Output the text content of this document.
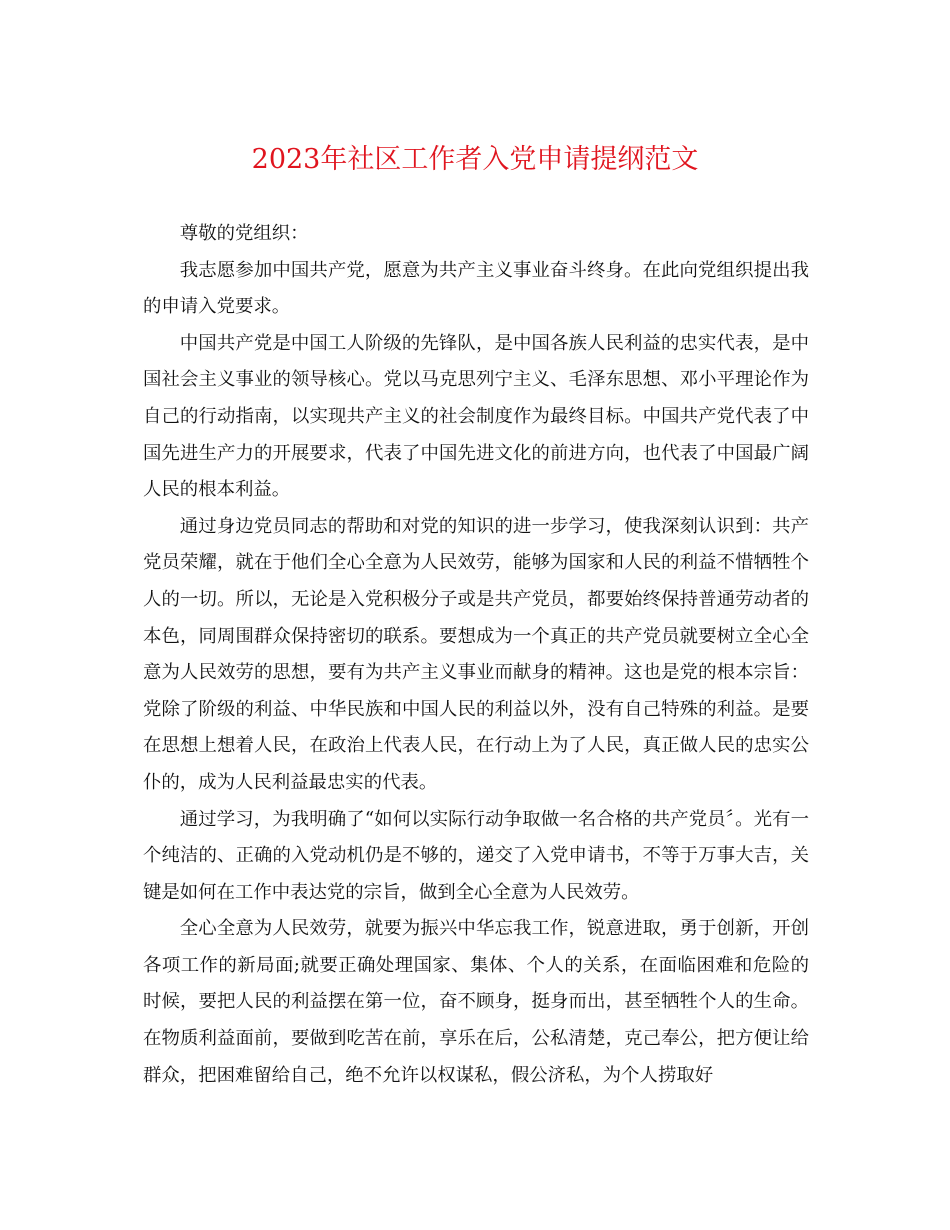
2023年社区工作者入党申请提纲范文

尊敬的党组织：

我志愿参加中国共产党，愿意为共产主义事业奋斗终身。在此向党组织提出我的申请入党要求。

中国共产党是中国工人阶级的先锋队，是中国各族人民利益的忠实代表，是中国社会主义事业的领导核心。党以马克思列宁主义、毛泽东思想、邓小平理论作为自己的行动指南，以实现共产主义的社会制度作为最终目标。中国共产党代表了中国先进生产力的开展要求，代表了中国先进文化的前进方向，也代表了中国最广阔人民的根本利益。

通过身边党员同志的帮助和对党的知识的进一步学习，使我深刻认识到：共产党员荣耀，就在于他们全心全意为人民效劳，能够为国家和人民的利益不惜牺牲个人的一切。所以，无论是入党积极分子或是共产党员，都要始终保持普通劳动者的本色，同周围群众保持密切的联系。要想成为一个真正的共产党员就要树立全心全意为人民效劳的思想，要有为共产主义事业而献身的精神。这也是党的根本宗旨：党除了阶级的利益、中华民族和中国人民的利益以外，没有自己特殊的利益。是要在思想上想着人民，在政治上代表人民，在行动上为了人民，真正做人民的忠实公仆的，成为人民利益最忠实的代表。

通过学习，为我明确了“如何以实际行动争取做一名合格的共产党员〞。光有一个纯洁的、正确的入党动机仍是不够的，递交了入党申请书，不等于万事大吉，关键是如何在工作中表达党的宗旨，做到全心全意为人民效劳。

全心全意为人民效劳，就要为振兴中华忘我工作，锐意进取，勇于创新，开创各项工作的新局面;就要正确处理国家、集体、个人的关系，在面临困难和危险的时候，要把人民的利益摆在第一位，奋不顾身，挺身而出，甚至牺牲个人的生命。在物质利益面前，要做到吃苦在前，享乐在后，公私清楚，克己奉公，把方便让给群众，把困难留给自己，绝不允许以权谋私，假公济私，为个人捞取好
